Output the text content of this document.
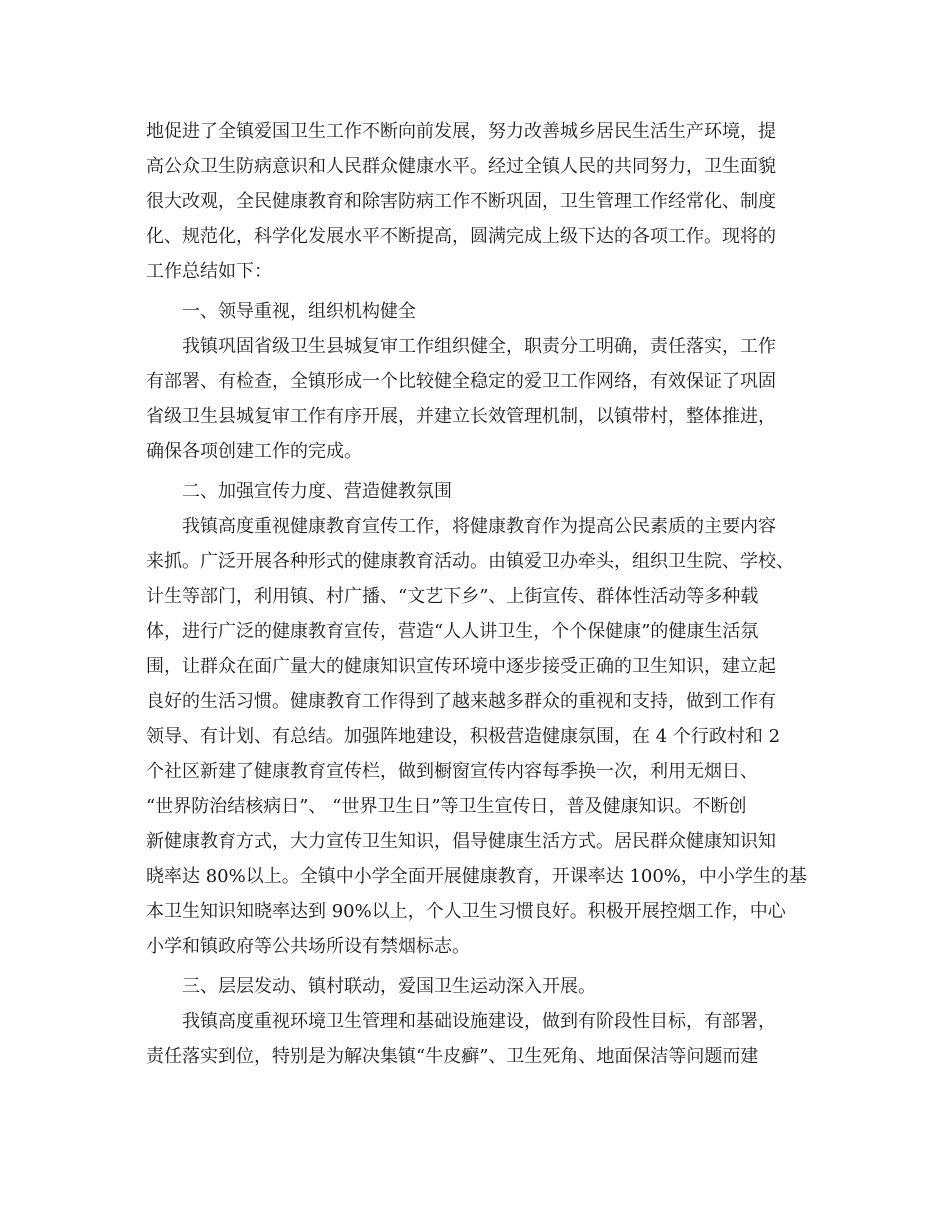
地促进了全镇爱国卫生工作不断向前发展，努力改善城乡居民生活生产环境，提
高公众卫生防病意识和人民群众健康水平。经过全镇人民的共同努力，卫生面貌
很大改观，全民健康教育和除害防病工作不断巩固，卫生管理工作经常化、制度
化、规范化，科学化发展水平不断提高，圆满完成上级下达的各项工作。现将的
工作总结如下：
一、领导重视，组织机构健全
我镇巩固省级卫生县城复审工作组织健全，职责分工明确，责任落实，工作
有部署、有检查，全镇形成一个比较健全稳定的爱卫工作网络，有效保证了巩固
省级卫生县城复审工作有序开展，并建立长效管理机制，以镇带村，整体推进，
确保各项创建工作的完成。
二、加强宣传力度、营造健教氛围
我镇高度重视健康教育宣传工作，将健康教育作为提高公民素质的主要内容
来抓。广泛开展各种形式的健康教育活动。由镇爱卫办牵头，组织卫生院、学校、
计生等部门，利用镇、村广播、“文艺下乡”、上街宣传、群体性活动等多种载
体，进行广泛的健康教育宣传，营造“人人讲卫生，个个保健康”的健康生活氛
围，让群众在面广量大的健康知识宣传环境中逐步接受正确的卫生知识，建立起
良好的生活习惯。健康教育工作得到了越来越多群众的重视和支持，做到工作有
领导、有计划、有总结。加强阵地建设，积极营造健康氛围，在 4 个行政村和 2
个社区新建了健康教育宣传栏，做到橱窗宣传内容每季换一次，利用无烟日、
“世界防治结核病日”、 “世界卫生日”等卫生宣传日，普及健康知识。不断创
新健康教育方式，大力宣传卫生知识，倡导健康生活方式。居民群众健康知识知
晓率达 80%以上。全镇中小学全面开展健康教育，开课率达 100%，中小学生的基
本卫生知识知晓率达到 90%以上，个人卫生习惯良好。积极开展控烟工作，中心
小学和镇政府等公共场所设有禁烟标志。
三、层层发动、镇村联动，爱国卫生运动深入开展。
我镇高度重视环境卫生管理和基础设施建设，做到有阶段性目标，有部署，
责任落实到位，特别是为解决集镇“牛皮癣”、卫生死角、地面保洁等问题而建
